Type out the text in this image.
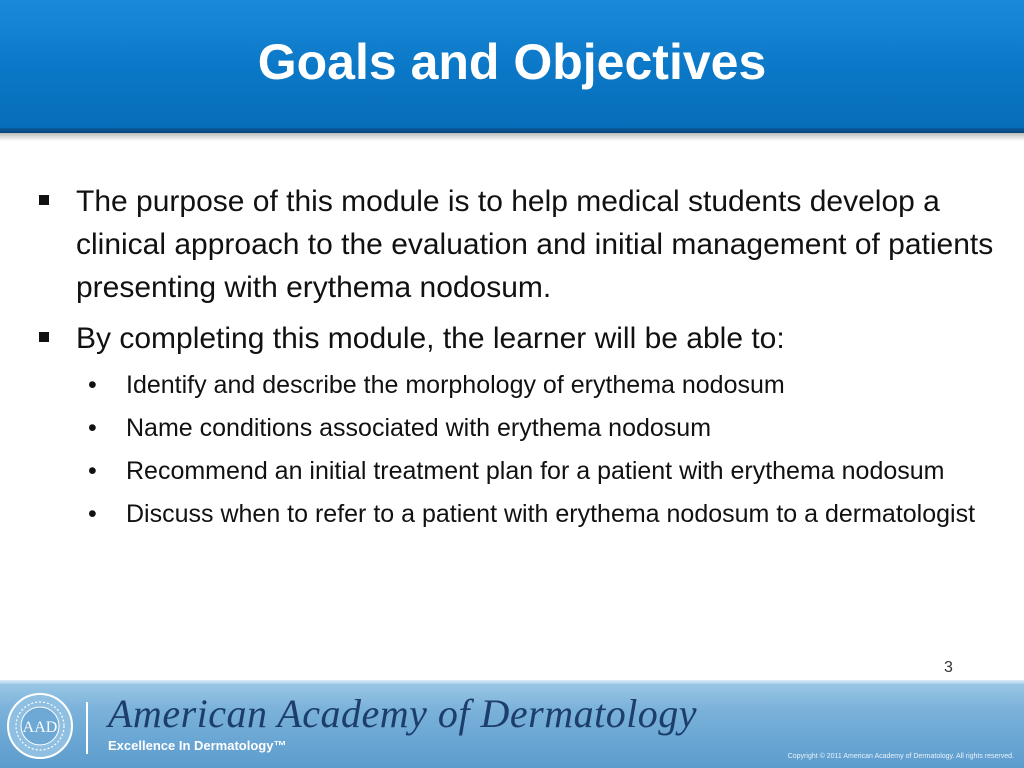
Goals and Objectives
The purpose of this module is to help medical students develop a clinical approach to the evaluation and initial management of patients presenting with erythema nodosum.
By completing this module, the learner will be able to:
• Identify and describe the morphology of erythema nodosum
• Name conditions associated with erythema nodosum
• Recommend an initial treatment plan for a patient with erythema nodosum
• Discuss when to refer to a patient with erythema nodosum to a dermatologist
3
AAD American Academy of Dermatology
Excellence In Dermatology™
Copyright © 2011 American Academy of Dermatology. All rights reserved.
